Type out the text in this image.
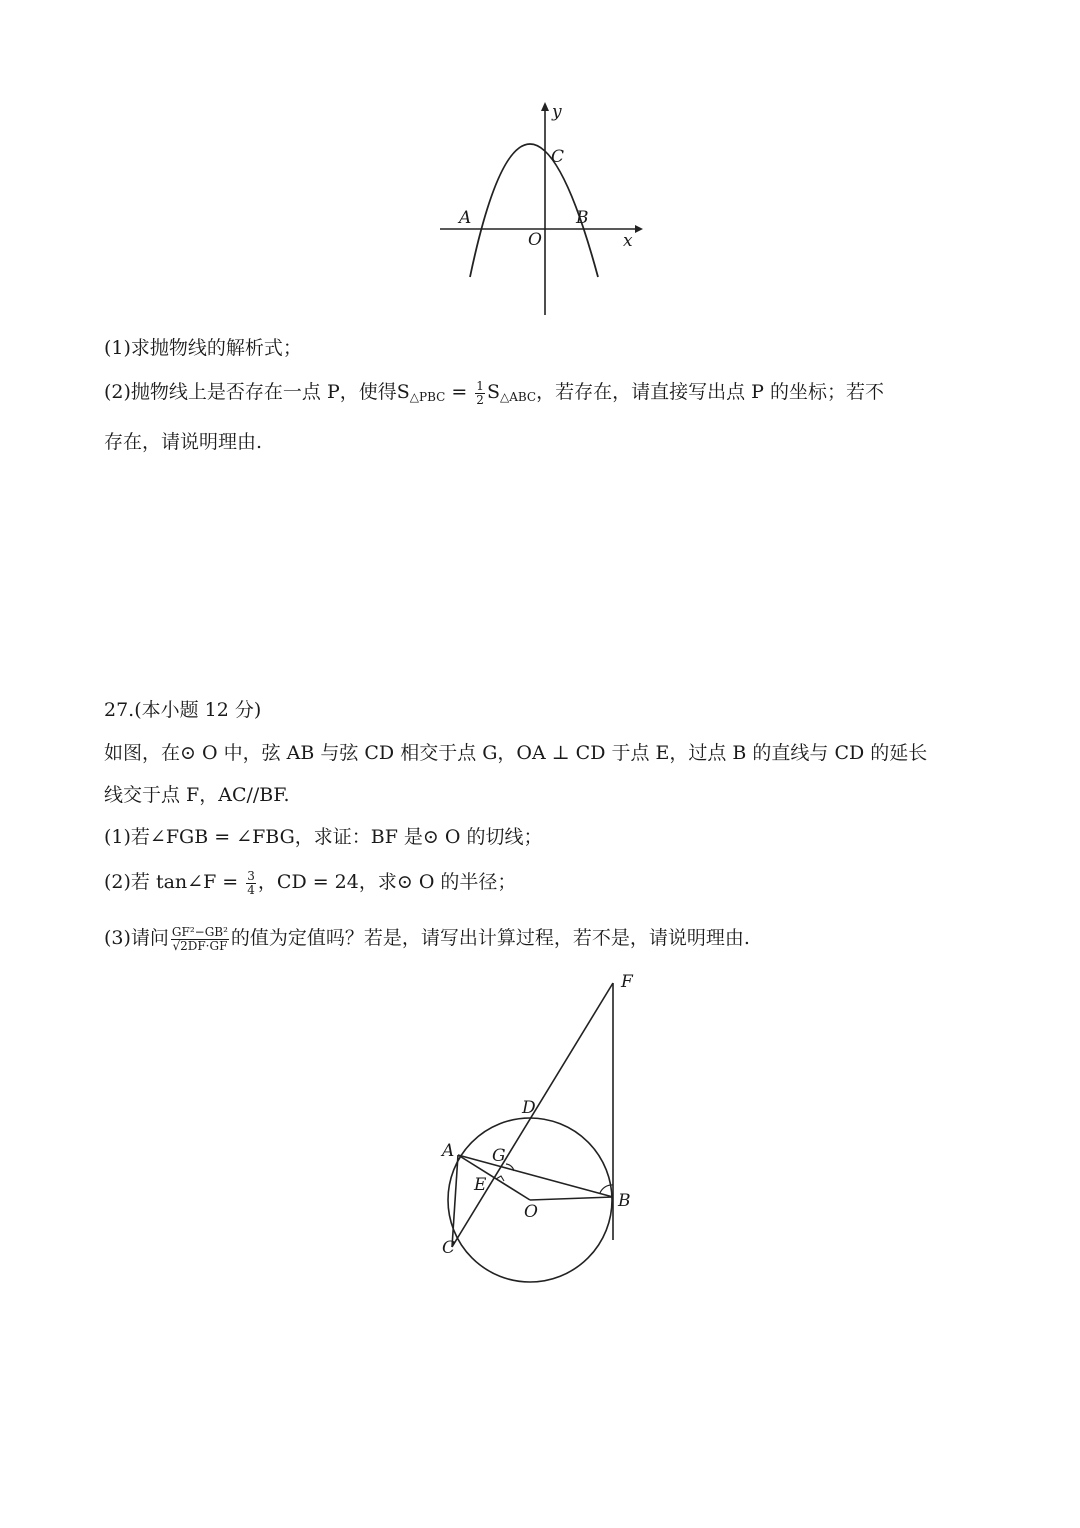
y
C
A	B
O	x
(1)求抛物线的解析式；
(2)抛物线上是否存在一点 P，使得$S_{\triangle PBC} = \frac{1}{2} S_{\triangle ABC}$，若存在，请直接写出点 P 的坐标；若不
存在，请说明理由.
27.(本小题 12 分)
如图，在⊙ O 中，弦 AB 与弦 CD 相交于点 G，OA ⊥ CD 于点 E，过点 B 的直线与 CD 的延长
线交于点 F，AC//BF.
(1)若∠FGB = ∠FBG，求证：BF 是⊙ O 的切线；
(2)若 tan∠F = $\frac{3}{4}$ ，CD = 24，求⊙ O 的半径；
(3)请问 $\frac{\text{GF²−GB²}}{√2DF\cdot GF}$ 的值为定值吗？若是，请写出计算过程，若不是，请说明理由.
F
D
A G
E
O
B
C
